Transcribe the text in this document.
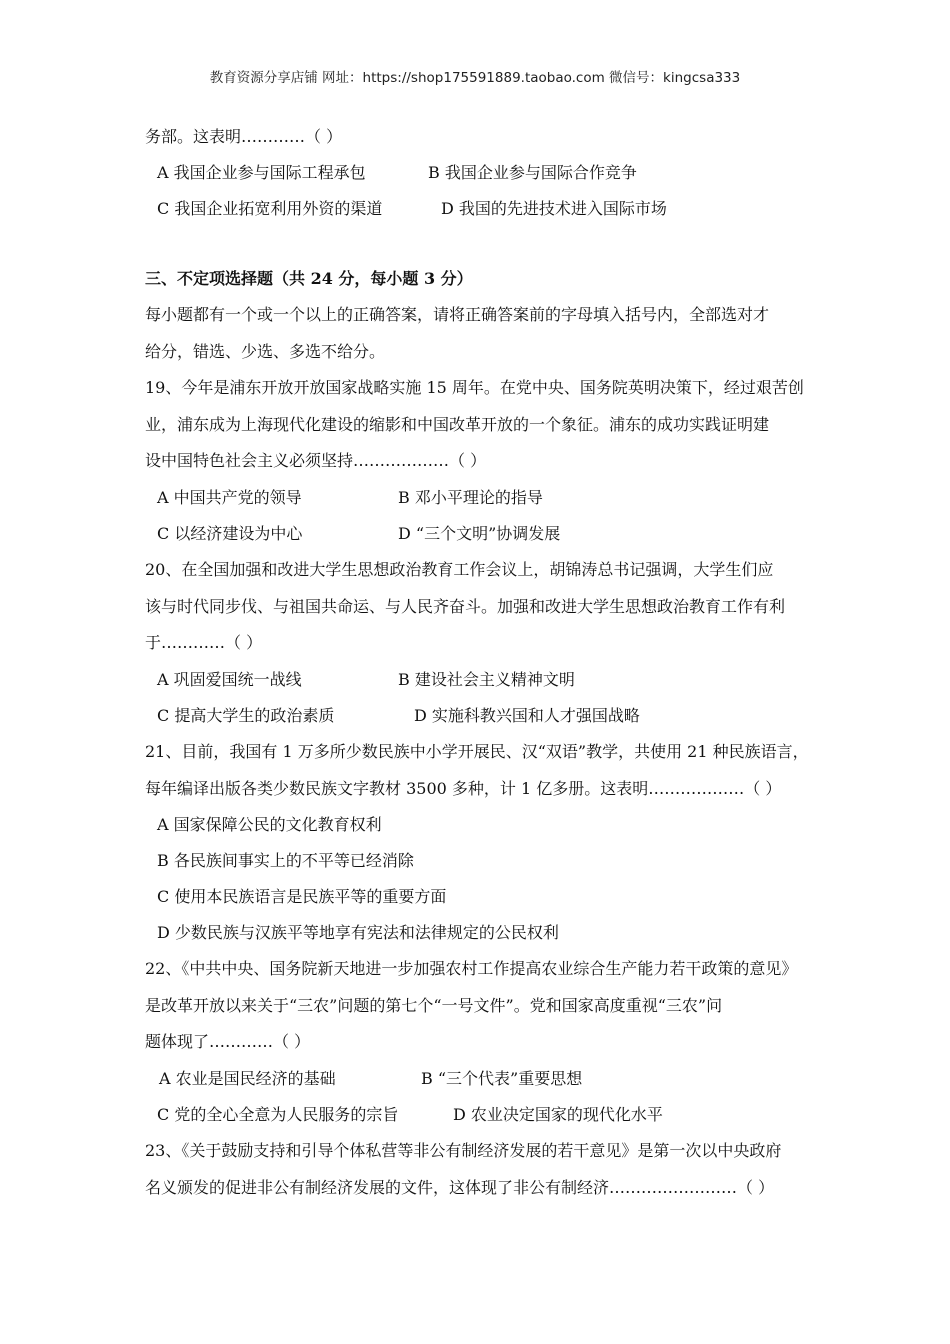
教育资源分享店铺 网址：https://shop175591889.taobao.com 微信号：kingcsa333
务部。这表明…………（ ）
A 我国企业参与国际工程承包	B 我国企业参与国际合作竞争
C 我国企业拓宽利用外资的渠道	D 我国的先进技术进入国际市场
三、不定项选择题（共 24 分，每小题 3 分）
每小题都有一个或一个以上的正确答案，请将正确答案前的字母填入括号内，全部选对才
给分，错选、少选、多选不给分。
19、今年是浦东开放开放国家战略实施 15 周年。在党中央、国务院英明决策下，经过艰苦创
业，浦东成为上海现代化建设的缩影和中国改革开放的一个象征。浦东的成功实践证明建
设中国特色社会主义必须坚持………………（ ）
A 中国共产党的领导	B 邓小平理论的指导
C 以经济建设为中心	D “三个文明”协调发展
20、在全国加强和改进大学生思想政治教育工作会议上，胡锦涛总书记强调，大学生们应
该与时代同步伐、与祖国共命运、与人民齐奋斗。加强和改进大学生思想政治教育工作有利
于…………（ ）
A 巩固爱国统一战线	B 建设社会主义精神文明
C 提高大学生的政治素质	D 实施科教兴国和人才强国战略
21、目前，我国有 1 万多所少数民族中小学开展民、汉“双语”教学，共使用 21 种民族语言，
每年编译出版各类少数民族文字教材 3500 多种，计 1 亿多册。这表明………………（ ）
A 国家保障公民的文化教育权利
B 各民族间事实上的不平等已经消除
C 使用本民族语言是民族平等的重要方面
D 少数民族与汉族平等地享有宪法和法律规定的公民权利
22、《中共中央、国务院新天地进一步加强农村工作提高农业综合生产能力若干政策的意见》
是改革开放以来关于“三农”问题的第七个“一号文件”。党和国家高度重视“三农”问
题体现了…………（ ）
A 农业是国民经济的基础	B “三个代表”重要思想
C 党的全心全意为人民服务的宗旨	D 农业决定国家的现代化水平
23、《关于鼓励支持和引导个体私营等非公有制经济发展的若干意见》是第一次以中央政府
名义颁发的促进非公有制经济发展的文件，这体现了非公有制经济……………………（ ）
